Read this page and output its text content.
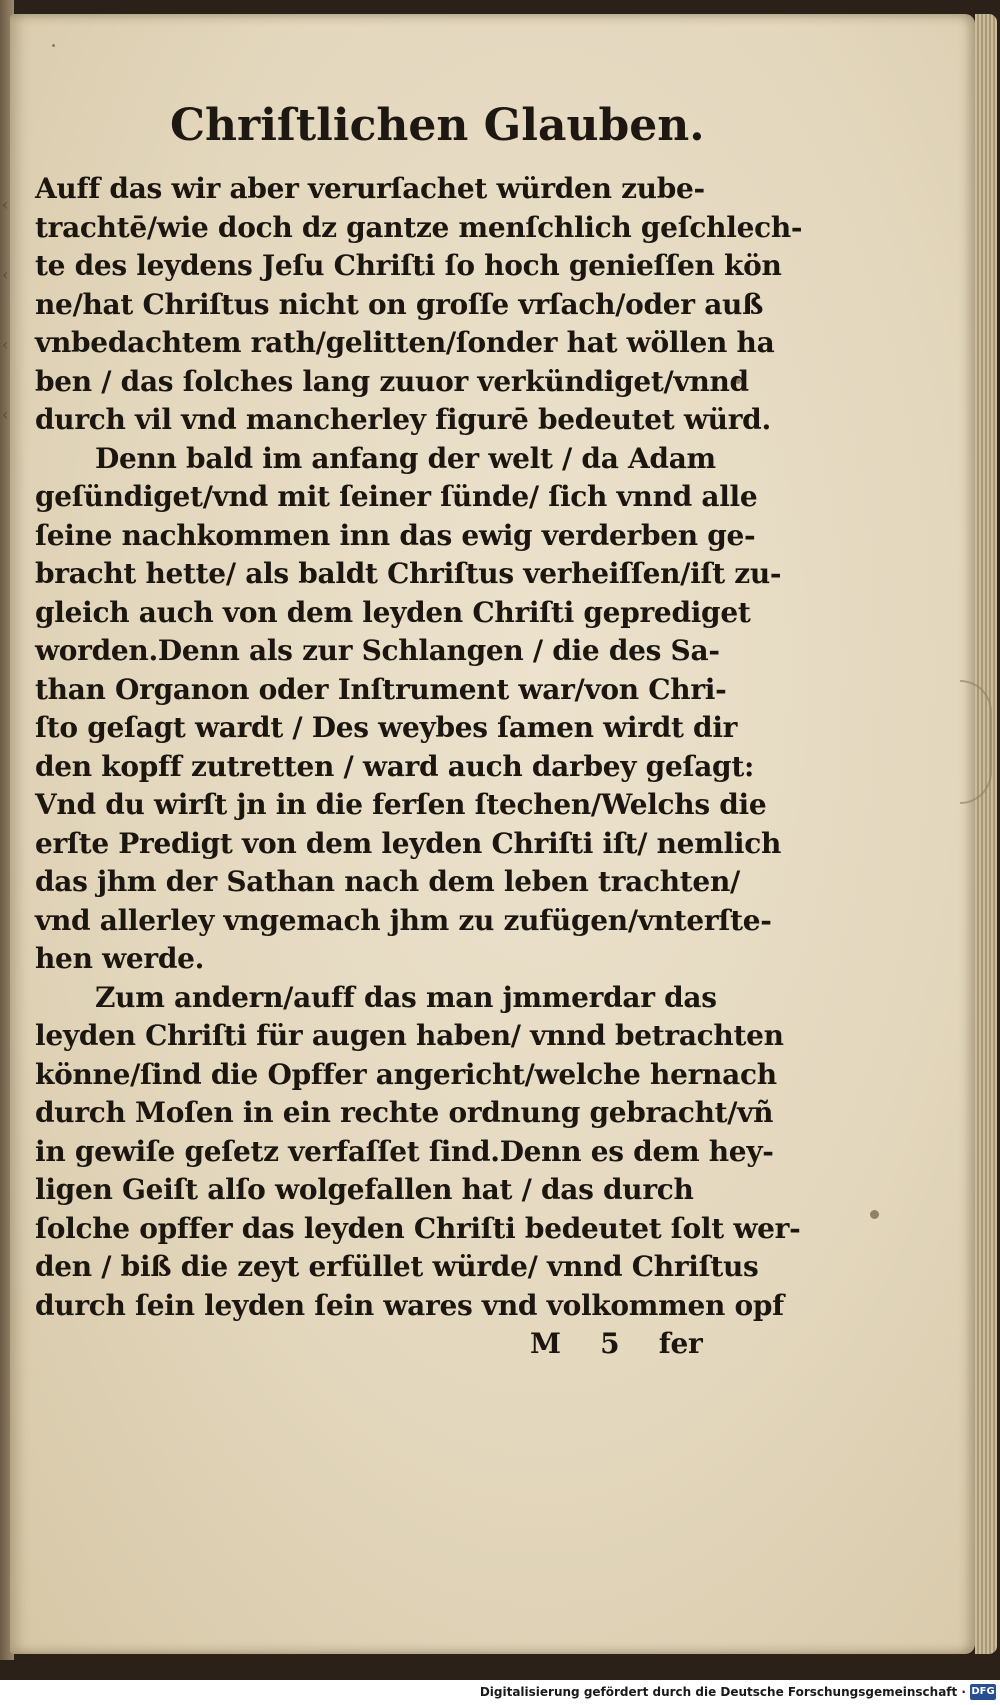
‹
‹
‹
‹
Chriſtlichen Glauben.
Auff das wir aber verurſachet würden zube-
trachtē/wie doch dz gantze menſchlich geſchlech-
te des leydens Jeſu Chriſti ſo hoch genieſſen kön
ne/hat Chriſtus nicht on groſſe vrſach/oder auß
vnbedachtem rath/gelitten/ſonder hat wöllen ha
ben / das ſolches lang zuuor verkündiget/vnnd
durch vil vnd mancherley figurē bedeutet würd.
Denn bald im anfang der welt / da Adam
geſündiget/vnd mit ſeiner ſünde/ ſich vnnd alle
ſeine nachkommen inn das ewig verderben ge-
bracht hette/ als baldt Chriſtus verheiſſen/iſt zu-
gleich auch von dem leyden Chriſti geprediget
worden.Denn als zur Schlangen / die des Sa-
than Organon oder Inſtrument war/von Chri-
ſto geſagt wardt / Des weybes ſamen wirdt dir
den kopff zutretten / ward auch darbey geſagt:
Vnd du wirſt jn in die ferſen ſtechen/Welchs die
erſte Predigt von dem leyden Chriſti iſt/ nemlich
das jhm der Sathan nach dem leben trachten/
vnd allerley vngemach jhm zu zufügen/vnterſte-
hen werde.
Zum andern/auff das man jmmerdar das
leyden Chriſti für augen haben/ vnnd betrachten
könne/ſind die Opffer angericht/welche hernach
durch Moſen in ein rechte ordnung gebracht/vñ
in gewiſe geſetz verfaſſet ſind.Denn es dem hey-
ligen Geiſt alſo wolgefallen hat / das durch
ſolche opffer das leyden Chriſti bedeutet ſolt wer-
den / biß die zeyt erfüllet würde/ vnnd Chriſtus
durch ſein leyden ſein wares vnd volkommen opf
M 5 fer
Digitalisierung gefördert durch die Deutsche Forschungsgemeinschaft · DFG
